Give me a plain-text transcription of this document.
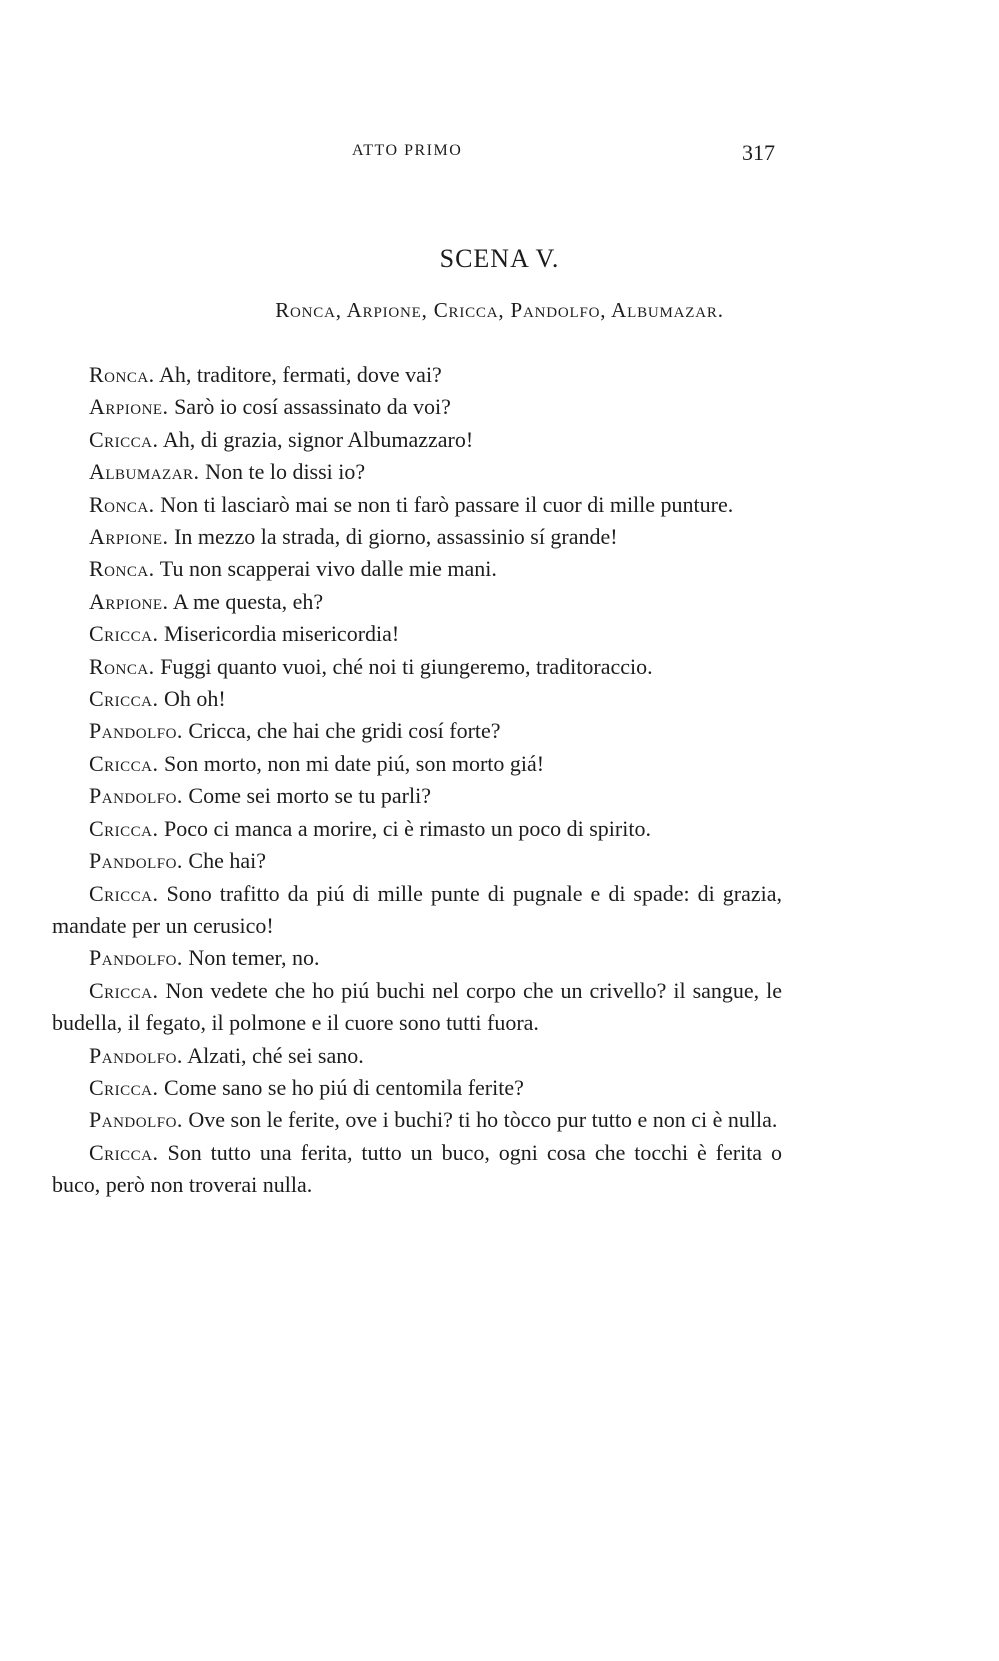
ATTO PRIMO	317
SCENA V.
Ronca, Arpione, Cricca, Pandolfo, Albumazar.

Ronca. Ah, traditore, fermati, dove vai?

Arpione. Sarò io cosí assassinato da voi?

Cricca. Ah, di grazia, signor Albumazzaro!

Albumazar. Non te lo dissi io?

Ronca. Non ti lasciarò mai se non ti farò passare il cuor di mille punture.

Arpione. In mezzo la strada, di giorno, assassinio sí grande!

Ronca. Tu non scapperai vivo dalle mie mani.

Arpione. A me questa, eh?

Cricca. Misericordia misericordia!

Ronca. Fuggi quanto vuoi, ché noi ti giungeremo, traditoraccio.

Cricca. Oh oh!

Pandolfo. Cricca, che hai che gridi cosí forte?

Cricca. Son morto, non mi date piú, son morto giá!

Pandolfo. Come sei morto se tu parli?

Cricca. Poco ci manca a morire, ci è rimasto un poco di spirito.

Pandolfo. Che hai?

Cricca. Sono trafitto da piú di mille punte di pugnale e di spade: di grazia, mandate per un cerusico!

Pandolfo. Non temer, no.

Cricca. Non vedete che ho piú buchi nel corpo che un crivello? il sangue, le budella, il fegato, il polmone e il cuore sono tutti fuora.

Pandolfo. Alzati, ché sei sano.

Cricca. Come sano se ho piú di centomila ferite?

Pandolfo. Ove son le ferite, ove i buchi? ti ho tòcco pur tutto e non ci è nulla.

Cricca. Son tutto una ferita, tutto un buco, ogni cosa che tocchi è ferita o buco, però non troverai nulla.
